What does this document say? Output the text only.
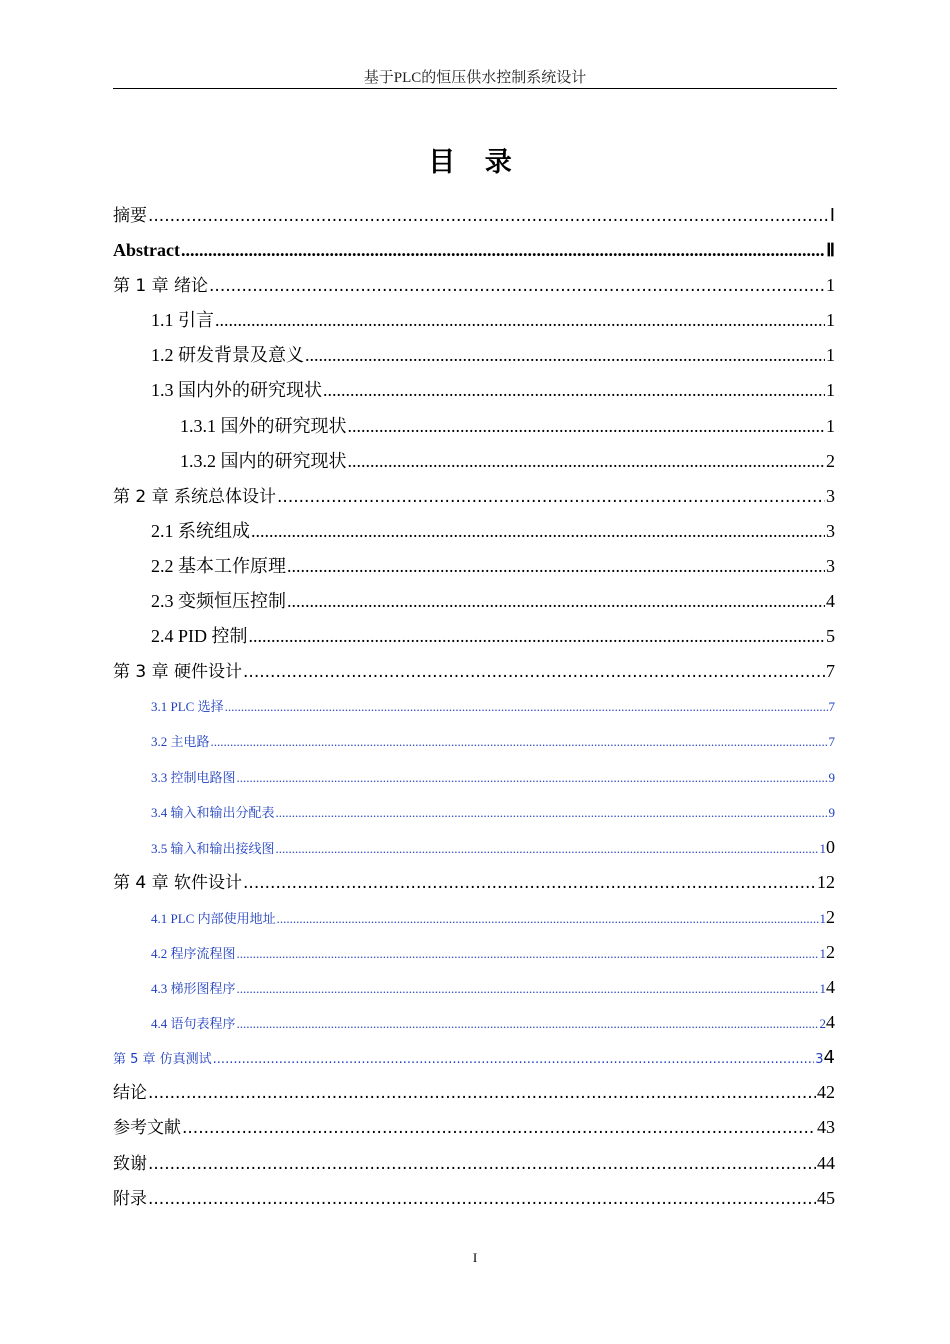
基于PLC的恒压供水控制系统设计
目 录
摘要 .....	Ⅰ
Abstract .....	Ⅱ
第 1 章 绪论 .....	1
1.1 引言 .....	1
1.2 研发背景及意义 .....	1
1.3 国内外的研究现状 .....	1
1.3.1 国外的研究现状 .....	1
1.3.2 国内的研究现状 .....	2
第 2 章 系统总体设计 .....	3
2.1 系统组成 .....	3
2.2 基本工作原理 .....	3
2.3 变频恒压控制 .....	4
2.4 PID 控制 .....	5
第 3 章 硬件设计 .....	7
3.1 PLC 选择 .....	7
3.2 主电路 .....	7
3.3 控制电路图 .....	9
3.4 输入和输出分配表 .....	9
3.5 输入和输出接线图 .....	10
第 4 章 软件设计 .....	12
4.1 PLC 内部使用地址 .....	12
4.2 程序流程图 .....	12
4.3 梯形图程序 .....	14
4.4 语句表程序 .....	24
第 5 章 仿真测试 .....	34
结论 .....	42
参考文献 .....	43
致谢 .....	44
附录 .....	45
I
